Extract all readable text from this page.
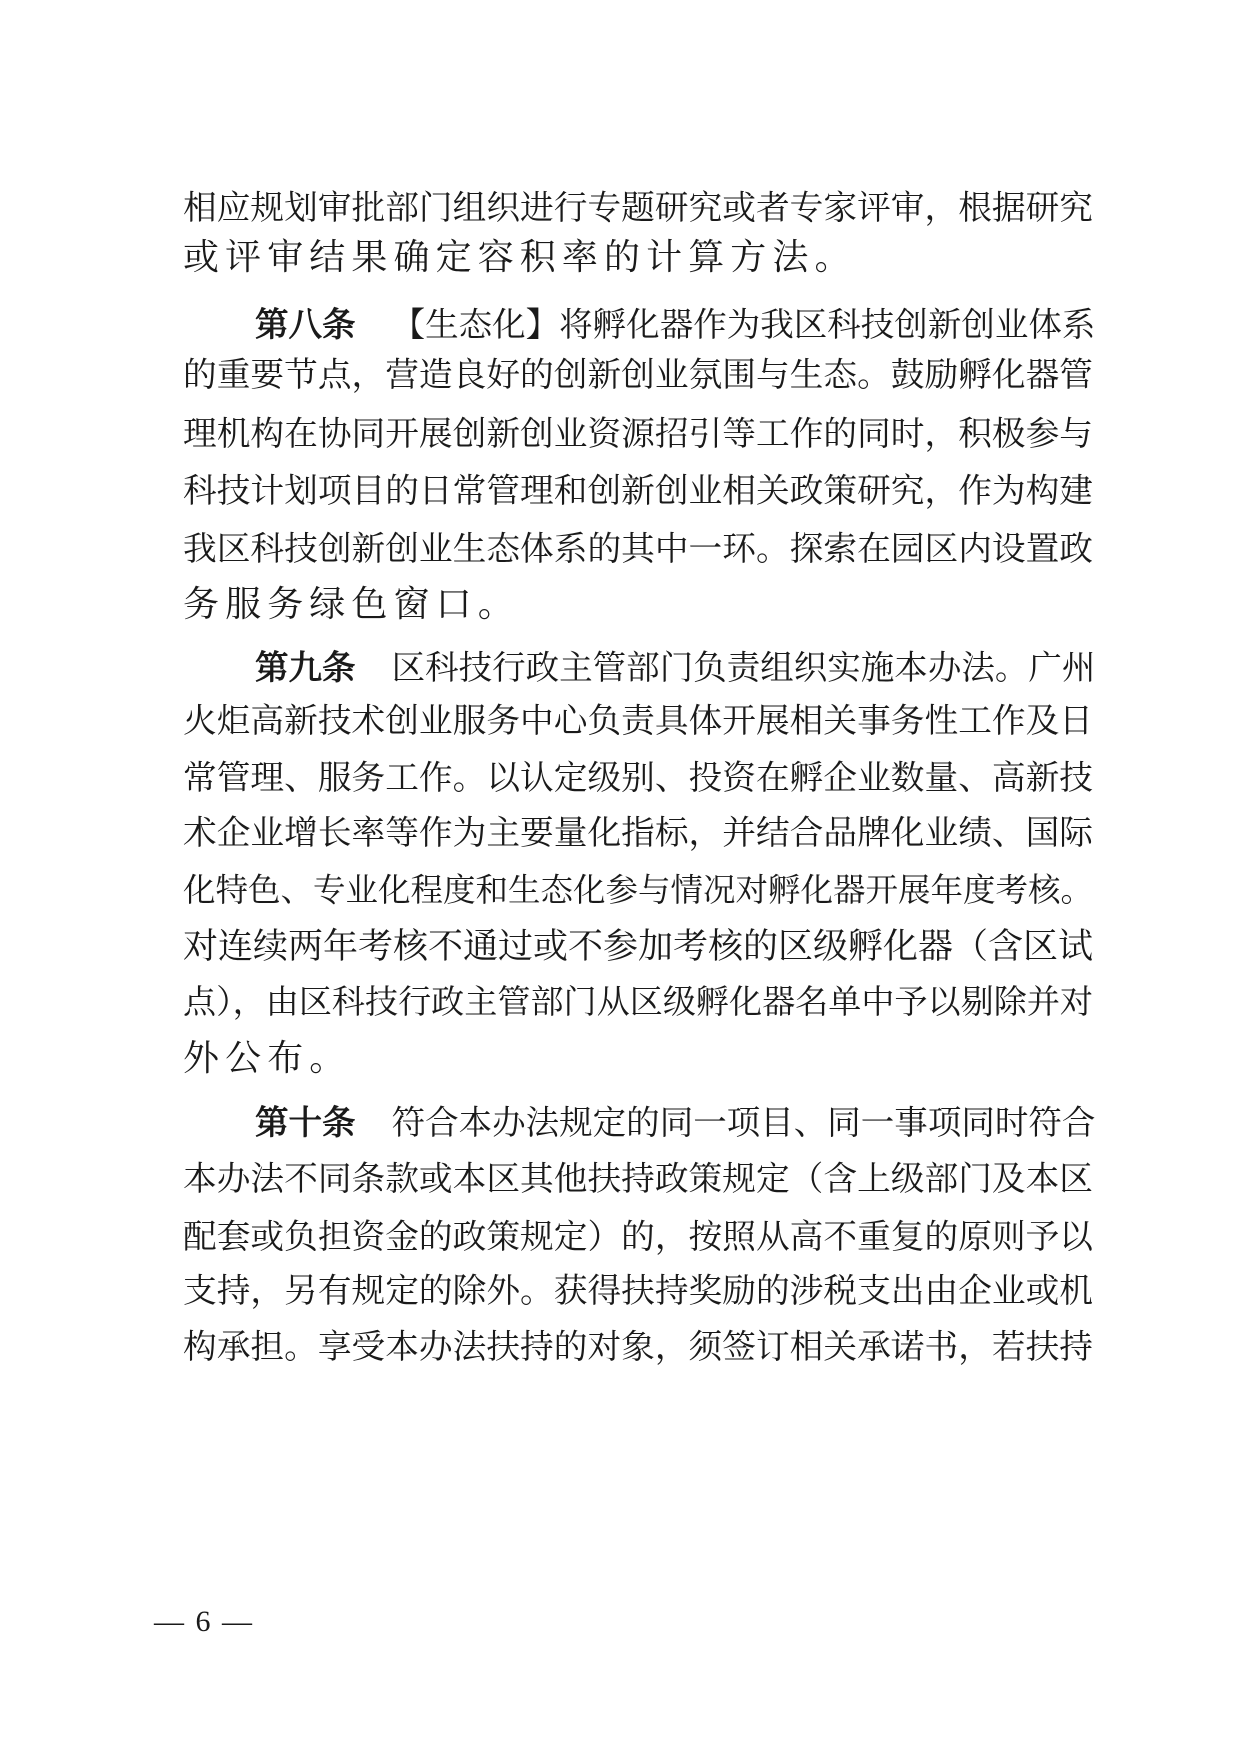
相应规划审批部门组织进行专题研究或者专家评审，根据研究
或评审结果确定容积率的计算方法。
第八条 【生态化】将孵化器作为我区科技创新创业体系
的重要节点，营造良好的创新创业氛围与生态。鼓励孵化器管
理机构在协同开展创新创业资源招引等工作的同时，积极参与
科技计划项目的日常管理和创新创业相关政策研究，作为构建
我区科技创新创业生态体系的其中一环。探索在园区内设置政
务服务绿色窗口。
第九条 区科技行政主管部门负责组织实施本办法。广州
火炬高新技术创业服务中心负责具体开展相关事务性工作及日
常管理、服务工作。以认定级别、投资在孵企业数量、高新技
术企业增长率等作为主要量化指标，并结合品牌化业绩、国际
化特色、专业化程度和生态化参与情况对孵化器开展年度考核。
对连续两年考核不通过或不参加考核的区级孵化器（含区试
点），由区科技行政主管部门从区级孵化器名单中予以剔除并对
外公布。
第十条 符合本办法规定的同一项目、同一事项同时符合
本办法不同条款或本区其他扶持政策规定（含上级部门及本区
配套或负担资金的政策规定）的，按照从高不重复的原则予以
支持，另有规定的除外。获得扶持奖励的涉税支出由企业或机
构承担。享受本办法扶持的对象，须签订相关承诺书，若扶持
— 6 —
